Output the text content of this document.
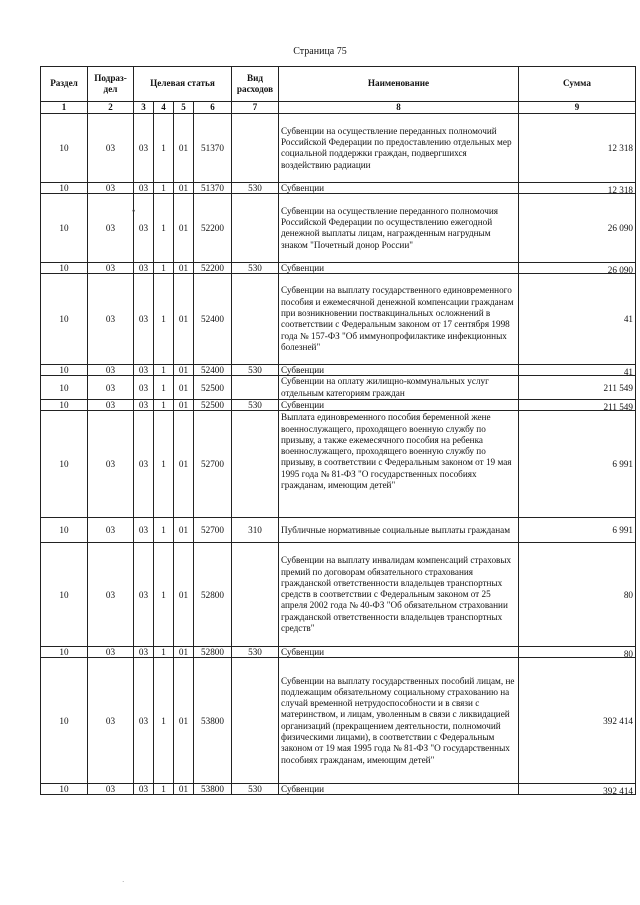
Страница 75
Раздел	Подраз-дел	Целевая статья				Вид расходов	Наименование	Сумма
1	2	3	4	5	6	7	8	9
10	03	03	1	01	51370		Субвенции на осуществление переданных полномочий Российской Федерации по предоставлению отдельных мер социальной поддержки граждан, подвергшихся воздействию радиации	12 318
10	03	03	1	01	51370	530	Субвенции	12 318

10	03	03	1	01	52200		Субвенции на осуществление переданного полномочия Российской Федерации по осуществлению ежегодной денежной выплаты лицам, награжденным нагрудным знаком "Почетный донор России"	26 090
10	03	03	1	01	52200	530	Субвенции	26 090

10	03	03	1	01	52400		Субвенции на выплату государственного единовременного пособия и ежемесячной денежной компенсации гражданам при возникновении поствакцинальных осложнений в соответствии с Федеральным законом от 17 сентября 1998 года № 157-ФЗ "Об иммунопрофилактике инфекционных болезней"	41
10	03	03	1	01	52400	530	Субвенции	41

10	03	03	1	01	52500		Субвенции на оплату жилищно-коммунальных услуг отдельным категориям граждан	211 549
10	03	03	1	01	52500	530	Субвенции	211 549

10	03	03	1	01	52700		Выплата единовременного пособия беременной жене военнослужащего, проходящего военную службу по призыву, а также ежемесячного пособия на ребенка военнослужащего, проходящего военную службу по призыву, в соответствии с Федеральным законом от 19 мая 1995 года № 81-ФЗ "О государственных пособиях гражданам, имеющим детей"	6 991
10	03	03	1	01	52700	310	Публичные нормативные социальные выплаты гражданам	6 991
10	03	03	1	01	52800		Субвенции на выплату инвалидам компенсаций страховых премий по договорам обязательного страхования гражданской ответственности владельцев транспортных средств в соответствии с Федеральным законом от 25 апреля 2002 года № 40-ФЗ "Об обязательном страховании гражданской ответственности владельцев транспортных средств"	80
10	03	03	1	01	52800	530	Субвенции	80

10	03	03	1	01	53800		Субвенции на выплату государственных пособий лицам, не подлежащим обязательному социальному страхованию на случай временной нетрудоспособности и в связи с материнством, и лицам, уволенным в связи с ликвидацией организаций (прекращением деятельности, полномочий физическими лицами), в соответствии с Федеральным законом от 19 мая 1995 года № 81-ФЗ "О государственных пособиях гражданам, имеющим детей"	392 414
10	03	03	1	01	53800	530	Субвенции	392 414
•
·
